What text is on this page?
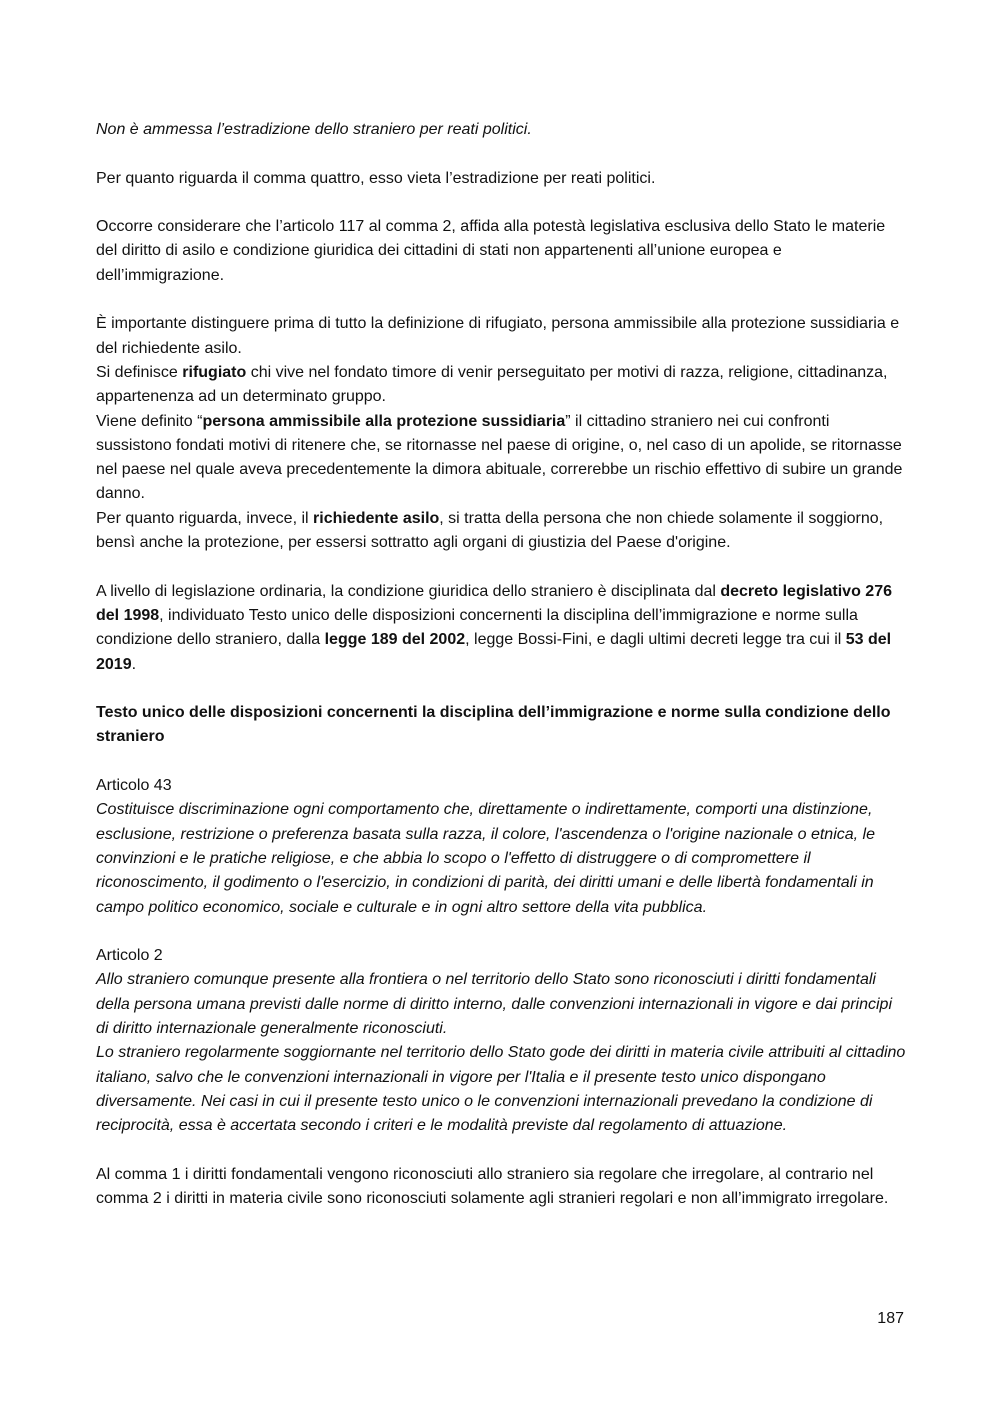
Non è ammessa l’estradizione dello straniero per reati politici.

Per quanto riguarda il comma quattro, esso vieta l’estradizione per reati politici.

Occorre considerare che l’articolo 117 al comma 2, affida alla potestà legislativa esclusiva dello Stato le materie del diritto di asilo e condizione giuridica dei cittadini di stati non appartenenti all’unione europea e dell’immigrazione.

È importante distinguere prima di tutto la definizione di rifugiato, persona ammissibile alla protezione sussidiaria e del richiedente asilo.

Si definisce rifugiato chi vive nel fondato timore di venir perseguitato per motivi di razza, religione, cittadinanza, appartenenza ad un determinato gruppo.

Viene definito “persona ammissibile alla protezione sussidiaria” il cittadino straniero nei cui confronti sussistono fondati motivi di ritenere che, se ritornasse nel paese di origine, o, nel caso di un apolide, se ritornasse nel paese nel quale aveva precedentemente la dimora abituale, correrebbe un rischio effettivo di subire un grande danno.

Per quanto riguarda, invece, il richiedente asilo, si tratta della persona che non chiede solamente il soggiorno, bensì anche la protezione, per essersi sottratto agli organi di giustizia del Paese d'origine.

A livello di legislazione ordinaria, la condizione giuridica dello straniero è disciplinata dal decreto legislativo 276 del 1998, individuato Testo unico delle disposizioni concernenti la disciplina dell’immigrazione e norme sulla condizione dello straniero, dalla legge 189 del 2002, legge Bossi-Fini, e dagli ultimi decreti legge tra cui il 53 del 2019.

Testo unico delle disposizioni concernenti la disciplina dell’immigrazione e norme sulla condizione dello straniero

Articolo 43

Costituisce discriminazione ogni comportamento che, direttamente o indirettamente, comporti una distinzione, esclusione, restrizione o preferenza basata sulla razza, il colore, l'ascendenza o l'origine nazionale o etnica, le convinzioni e le pratiche religiose, e che abbia lo scopo o l'effetto di distruggere o di compromettere il riconoscimento, il godimento o l'esercizio, in condizioni di parità, dei diritti umani e delle libertà fondamentali in campo politico economico, sociale e culturale e in ogni altro settore della vita pubblica.

Articolo 2

Allo straniero comunque presente alla frontiera o nel territorio dello Stato sono riconosciuti i diritti fondamentali della persona umana previsti dalle norme di diritto interno, dalle convenzioni internazionali in vigore e dai principi di diritto internazionale generalmente riconosciuti.

Lo straniero regolarmente soggiornante nel territorio dello Stato gode dei diritti in materia civile attribuiti al cittadino italiano, salvo che le convenzioni internazionali in vigore per l'Italia e il presente testo unico dispongano diversamente. Nei casi in cui il presente testo unico o le convenzioni internazionali prevedano la condizione di reciprocità, essa è accertata secondo i criteri e le modalità previste dal regolamento di attuazione.

Al comma 1 i diritti fondamentali vengono riconosciuti allo straniero sia regolare che irregolare, al contrario nel comma 2 i diritti in materia civile sono riconosciuti solamente agli stranieri regolari e non all’immigrato irregolare.

187
